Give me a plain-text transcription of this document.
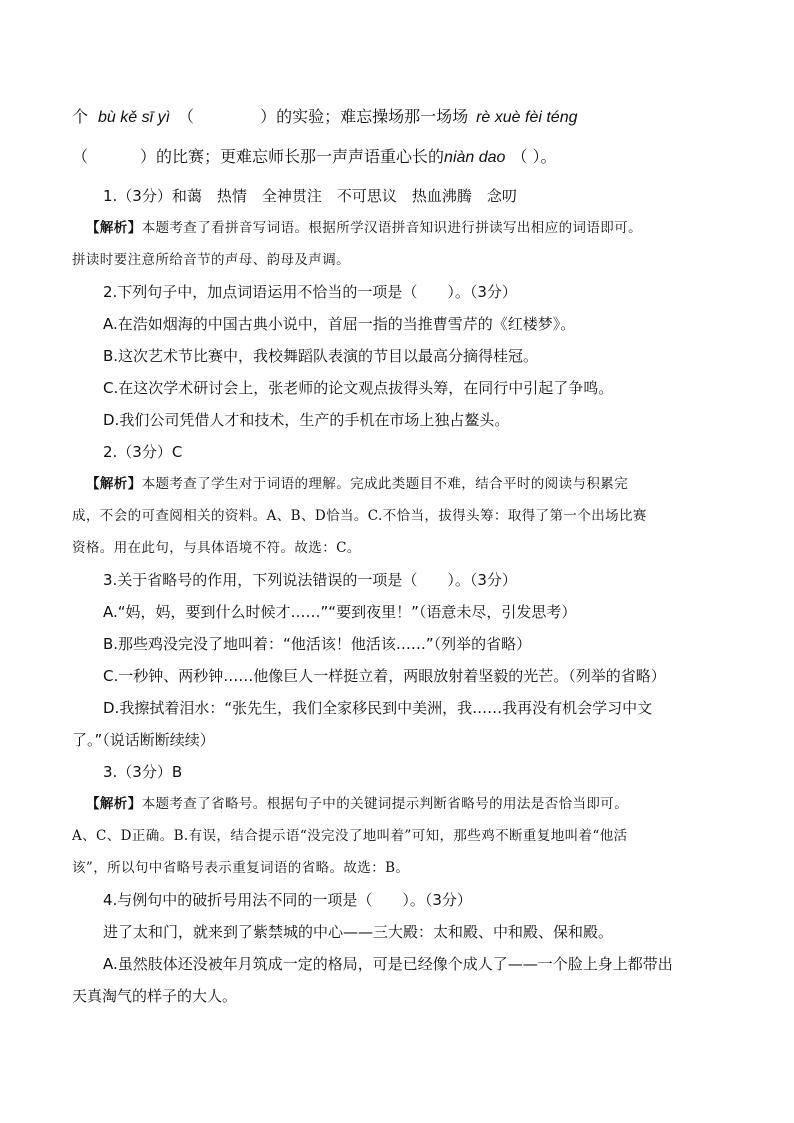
个 bù kě sī yì （	）的实验；难忘操场那一场场 rè xuè fèi téng
（	）的比赛；更难忘师长那一声声语重心长的niàn dao （ ）。
1.（3分）和蔼　热情　全神贯注　不可思议　热血沸腾　念叨
【解析】本题考查了看拼音写词语。根据所学汉语拼音知识进行拼读写出相应的词语即可。
拼读时要注意所给音节的声母、韵母及声调。
2.下列句子中，加点词语运用不恰当的一项是（　　）。（3分）
A.在浩如烟海的中国古典小说中，首屈一指的当推曹雪芹的《红楼梦》。
B.这次艺术节比赛中，我校舞蹈队表演的节目以最高分摘得桂冠。
C.在这次学术研讨会上，张老师的论文观点拔得头筹，在同行中引起了争鸣。
D.我们公司凭借人才和技术，生产的手机在市场上独占鳌头。
2.（3分）C
【解析】本题考查了学生对于词语的理解。完成此类题目不难，结合平时的阅读与积累完
成，不会的可查阅相关的资料。A、B、D恰当。C.不恰当，拔得头筹：取得了第一个出场比赛
资格。用在此句，与具体语境不符。故选：C。
3.关于省略号的作用，下列说法错误的一项是（　　）。（3分）
A.“妈，妈，要到什么时候才……”“要到夜里！”（语意未尽，引发思考）
B.那些鸡没完没了地叫着：“他活该！他活该……”（列举的省略）
C.一秒钟、两秒钟……他像巨人一样挺立着，两眼放射着坚毅的光芒。（列举的省略）
D.我擦拭着泪水：“张先生，我们全家移民到中美洲，我……我再没有机会学习中文
了。”（说话断断续续）
3.（3分）B
【解析】本题考查了省略号。根据句子中的关键词提示判断省略号的用法是否恰当即可。
A、C、D正确。B.有误，结合提示语“没完没了地叫着”可知，那些鸡不断重复地叫着“他活
该”，所以句中省略号表示重复词语的省略。故选：B。
4.与例句中的破折号用法不同的一项是（　　）。（3分）
进了太和门，就来到了紫禁城的中心——三大殿：太和殿、中和殿、保和殿。
A.虽然肢体还没被年月筑成一定的格局，可是已经像个成人了——一个脸上身上都带出
天真淘气的样子的大人。
